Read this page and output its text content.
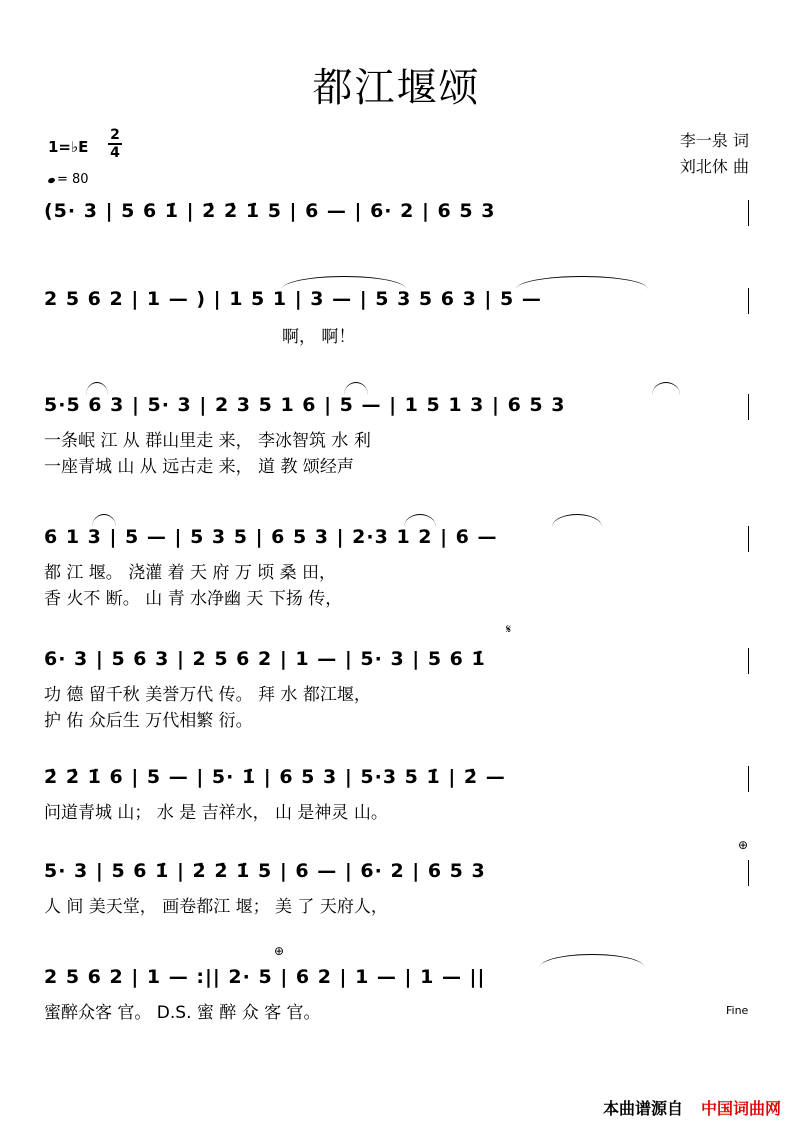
都江堰颂
1=♭E
2
4
= 80
李一泉 词
刘北休 曲
(5· 3 | 5 6 1̇ | 2̇ 2̇ 1̇ 5 | 6 — | 6· 2 | 6 5 3
2 5 6 2 | 1 — ) | 1 5 1 | 3 — | 5 3 5 6 3 | 5 —
啊， 啊！
5·5 6 3 | 5· 3 | 2 3 5 1 6 | 5 — | 1 5 1 3 | 6 5 3
一条岷 江 从 群山里走 来， 李冰智筑 水 利
一座青城 山 从 远古走 来， 道 教 颂经声
6 1 3 | 5 — | 5 3 5 | 6 5 3 | 2·3 1 2 | 6 —
都 江 堰。 浇灌 着 天 府 万 顷 桑 田，
香 火不 断。 山 青 水净幽 天 下扬 传，
𝄋
6· 3 | 5 6 3 | 2 5 6 2 | 1 — | 5· 3 | 5 6 1̇
功 德 留千秋 美誉万代 传。 拜 水 都江堰，
护 佑 众后生 万代相繁 衍。
2̇ 2̇ 1̇ 6 | 5 — | 5· 1̇ | 6 5 3 | 5·3 5 1̇ | 2̇ —
问道青城 山； 水 是 吉祥水， 山 是神灵 山。
⊕
5· 3 | 5 6 1̇ | 2̇ 2̇ 1̇ 5 | 6 — | 6· 2 | 6 5 3
人 间 美天堂， 画卷都江 堰； 美 了 天府人，
⊕
2 5 6 2 | 1 — :|| 2· 5 | 6 2 | 1 — | 1 — ||
蜜醉众客 官。 D.S. 蜜 醉 众 客 官。	Fine
本曲谱源自 中国词曲网
